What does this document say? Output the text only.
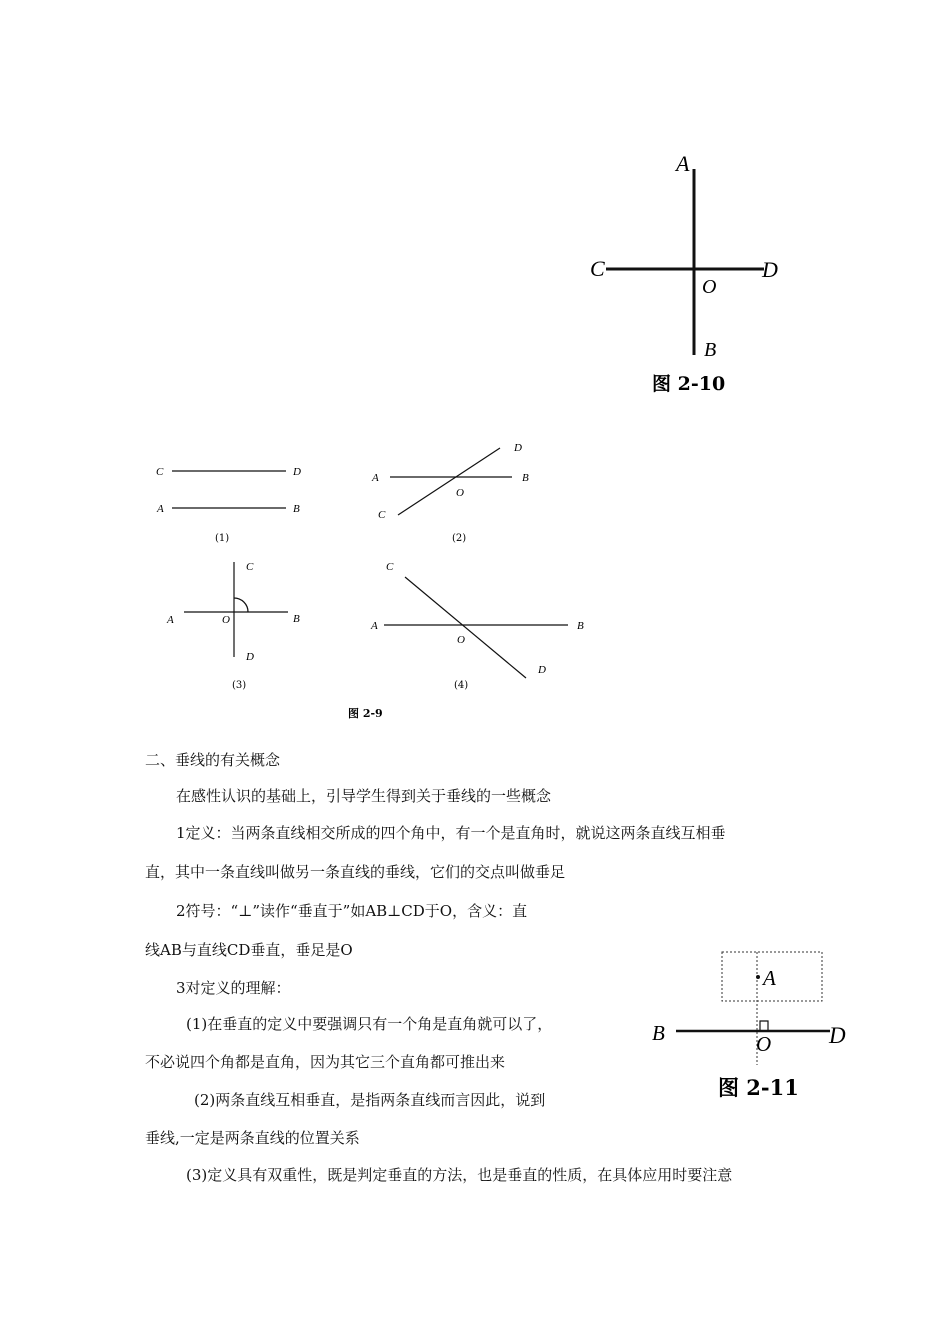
A
C	D
O
B
图 2-10
C	D
A	B
(1)
D
A	B
O
C
(2)
C
A	O	B
D
(3)
C
A	B
O
D
(4)
图 2-9
A
B	D
O
图 2-11
二、垂线的有关概念
在感性认识的基础上，引导学生得到关于垂线的一些概念
1定义：当两条直线相交所成的四个角中，有一个是直角时，就说这两条直线互相垂
直，其中一条直线叫做另一条直线的垂线，它们的交点叫做垂足
2符号：“⊥”读作“垂直于”如AB⊥CD于O，含义：直
线AB与直线CD垂直，垂足是O
3对定义的理解：
(1)在垂直的定义中要强调只有一个角是直角就可以了，
不必说四个角都是直角，因为其它三个直角都可推出来
(2)两条直线互相垂直，是指两条直线而言因此，说到
垂线,一定是两条直线的位置关系
(3)定义具有双重性，既是判定垂直的方法，也是垂直的性质，在具体应用时要注意
